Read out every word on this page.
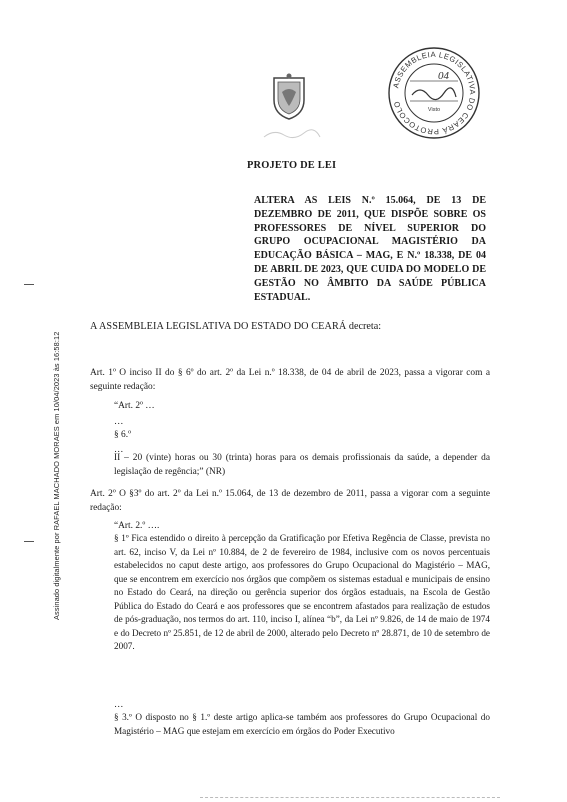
Assinado digitalmente por RAFAEL MACHADO MORAES em 10/04/2023 às 16:58:12
ASSEMBLEIA LEGISLATIVA DO CEARÁ PROTOCOLO
04
Visto
PROJETO DE LEI
ALTERA AS LEIS N.º 15.064, DE 13 DE DEZEMBRO DE 2011, QUE DISPÕE SOBRE OS PROFESSORES DE NÍVEL SUPERIOR DO GRUPO OCUPACIONAL MAGISTÉRIO DA EDUCAÇÃO BÁSICA – MAG, E N.º 18.338, DE 04 DE ABRIL DE 2023, QUE CUIDA DO MODELO DE GESTÃO NO ÂMBITO DA SAÚDE PÚBLICA ESTADUAL.
A ASSEMBLEIA LEGISLATIVA DO ESTADO DO CEARÁ decreta:
Art. 1º O inciso II do § 6º do art. 2º da Lei n.º 18.338, de 04 de abril de 2023, passa a vigorar com a seguinte redação:
“Art. 2º …
…
§ 6.º
…
II – 20 (vinte) horas ou 30 (trinta) horas para os demais profissionais da saúde, a depender da legislação de regência;” (NR)
Art. 2º O §3º do art. 2º da Lei n.º 15.064, de 13 de dezembro de 2011, passa a vigorar com a seguinte redação:
“Art. 2.º ….
§ 1º Fica estendido o direito à percepção da Gratificação por Efetiva Regência de Classe, prevista no art. 62, inciso V, da Lei nº 10.884, de 2 de fevereiro de 1984, inclusive com os novos percentuais estabelecidos no caput deste artigo, aos professores do Grupo Ocupacional do Magistério – MAG, que se encontrem em exercício nos órgãos que compõem os sistemas estadual e municipais de ensino no Estado do Ceará, na direção ou gerência superior dos órgãos estaduais, na Escola de Gestão Pública do Estado do Ceará e aos professores que se encontrem afastados para realização de estudos de pós-graduação, nos termos do art. 110, inciso I, alínea “b”, da Lei nº 9.826, de 14 de maio de 1974 e do Decreto nº 25.851, de 12 de abril de 2000, alterado pelo Decreto nº 28.871, de 10 de setembro de 2007.
…
§ 3.º O disposto no § 1.º deste artigo aplica-se também aos professores do Grupo Ocupacional do Magistério – MAG que estejam em exercício em órgãos do Poder Executivo
